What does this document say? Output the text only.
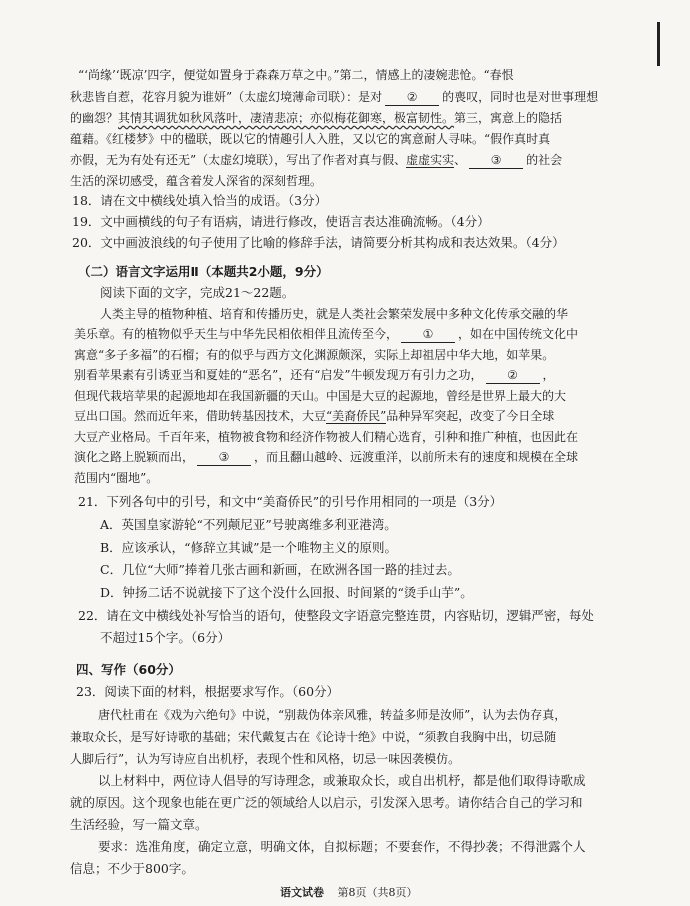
“‘尚缘’‘既凉’四字，便觉如置身于森森万草之中。”第二，情感上的凄婉悲怆。“春恨
秋悲皆自惹，花容月貌为谁妍”（太虚幻境薄命司联）：是对 ② 的喪叹，同时也是对世事理想
的幽怨？其情其调犹如秋风落叶，凄清悲凉；亦似梅花御寒，极富韧性。第三，寓意上的隐括
蕴藉。《红楼梦》中的楹联，既以它的情趣引人入胜，又以它的寓意耐人寻味。“假作真时真
亦假，无为有处有还无”（太虚幻境联），写出了作者对真与假、虚虚实实、 ③ 的社会
生活的深切感受，蕴含着发人深省的深刻哲理。
18．请在文中横线处填入恰当的成语。（3分）
19．文中画横线的句子有语病，请进行修改，使语言表达准确流畅。（4分）
20．文中画波浪线的句子使用了比喻的修辞手法，请简要分析其构成和表达效果。（4分）
（二）语言文字运用Ⅱ（本题共2小题，9分）
阅读下面的文字，完成21～22题。
人类主导的植物种植、培育和传播历史，就是人类社会繁荣发展中多种文化传承交融的华
美乐章。有的植物似乎天生与中华先民相依相伴且流传至今， ① ，如在中国传统文化中
寓意“多子多福”的石榴；有的似乎与西方文化渊源颇深，实际上却祖居中华大地，如苹果。
别看苹果素有引诱亚当和夏娃的“恶名”，还有“启发”牛顿发现万有引力之功， ② ，
但现代栽培苹果的起源地却在我国新疆的天山。中国是大豆的起源地，曾经是世界上最大的大
豆出口国。然而近年来，借助转基因技术，大豆“美裔侨民”品种异军突起，改变了今日全球
大豆产业格局。千百年来，植物被食物和经济作物被人们精心选育，引种和推广种植，也因此在
演化之路上脱颖而出， ③ ，而且翻山越岭、远渡重洋，以前所未有的速度和规模在全球
范围内“圈地”。
21．下列各句中的引号，和文中“美裔侨民”的引号作用相同的一项是（3分）
A．英国皇家游轮“不列颠尼亚”号驶离维多利亚港湾。
B．应该承认，“修辞立其诚”是一个唯物主义的原则。
C．几位“大师”捧着几张古画和新画，在欧洲各国一路的挂过去。
D．钟扬二话不说就接下了这个没什么回报、时间紧的“烫手山芋”。
22．请在文中横线处补写恰当的语句，使整段文字语意完整连贯，内容贴切，逻辑严密，每处
不超过15个字。（6分）
四、写作（60分）
23．阅读下面的材料，根据要求写作。（60分）
唐代杜甫在《戏为六绝句》中说，“别裁伪体亲风雅，转益多师是汝师”，认为去伪存真，
兼取众长，是写好诗歌的基础；宋代戴复古在《论诗十绝》中说，“须教自我胸中出，切忌随
人脚后行”，认为写诗应自出机杼，表现个性和风格，切忌一味因袭模仿。
以上材料中，两位诗人倡导的写诗理念，或兼取众长，或自出机杼，都是他们取得诗歌成
就的原因。这个现象也能在更广泛的领域给人以启示，引发深入思考。请你结合自己的学习和
生活经验，写一篇文章。
要求：选准角度，确定立意，明确文体，自拟标题；不要套作，不得抄袭；不得泄露个人
信息；不少于800字。
语文试卷 第8页（共8页）
